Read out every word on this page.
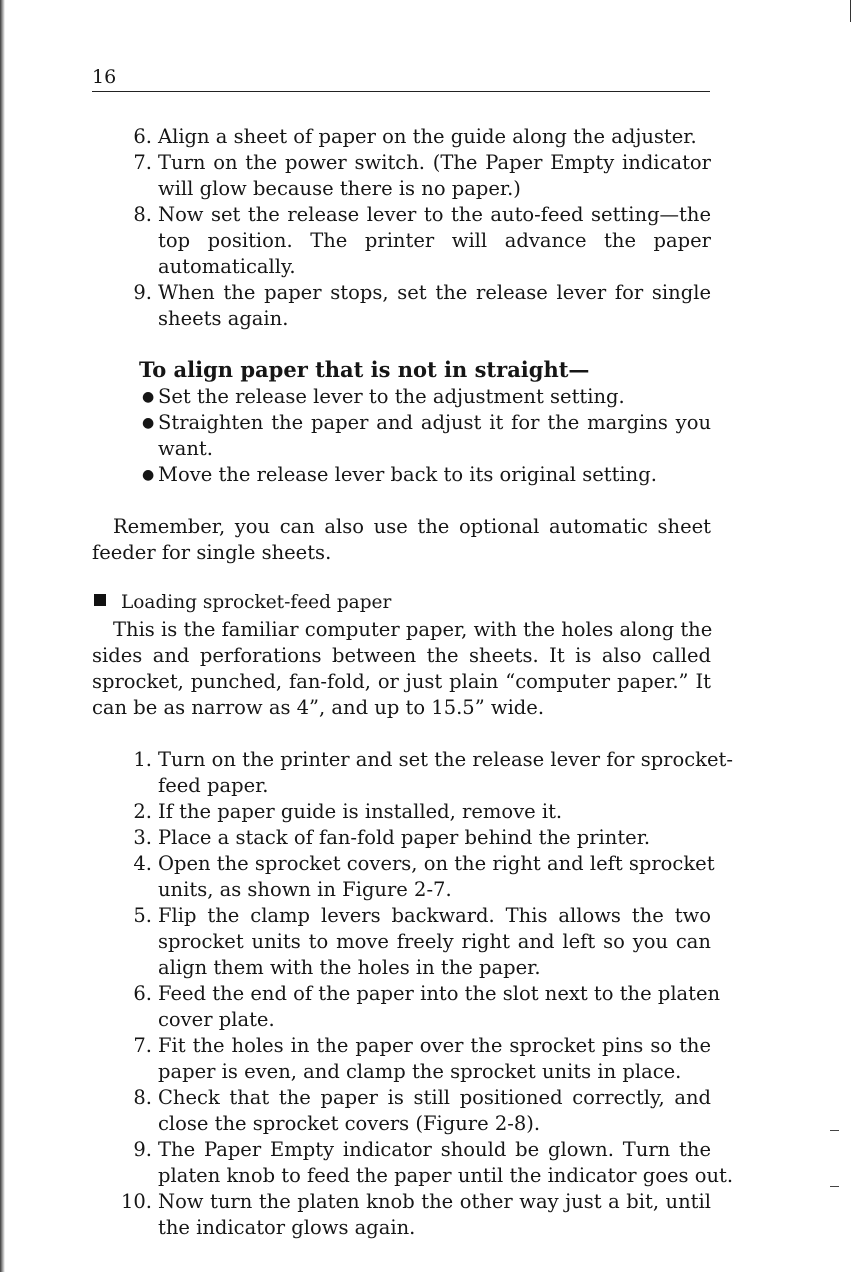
16
6. Align a sheet of paper on the guide along the adjuster.
7. Turn on the power switch. (The Paper Empty indicator
will glow because there is no paper.)
8. Now set the release lever to the auto-feed setting—the
top position. The printer will advance the paper
automatically.
9. When the paper stops, set the release lever for single
sheets again.
To align paper that is not in straight—
● Set the release lever to the adjustment setting.
● Straighten the paper and adjust it for the margins you
want.
● Move the release lever back to its original setting.
Remember, you can also use the optional automatic sheet
feeder for single sheets.
Loading sprocket-feed paper
This is the familiar computer paper, with the holes along the
sides and perforations between the sheets. It is also called
sprocket, punched, fan-fold, or just plain “computer paper.” It
can be as narrow as 4”, and up to 15.5” wide.
1. Turn on the printer and set the release lever for sprocket-
feed paper.
2. If the paper guide is installed, remove it.
3. Place a stack of fan-fold paper behind the printer.
4. Open the sprocket covers, on the right and left sprocket
units, as shown in Figure 2-7.
5. Flip the clamp levers backward. This allows the two
sprocket units to move freely right and left so you can
align them with the holes in the paper.
6. Feed the end of the paper into the slot next to the platen
cover plate.
7. Fit the holes in the paper over the sprocket pins so the
paper is even, and clamp the sprocket units in place.
8. Check that the paper is still positioned correctly, and
close the sprocket covers (Figure 2-8).
9. The Paper Empty indicator should be glown. Turn the
platen knob to feed the paper until the indicator goes out.
10. Now turn the platen knob the other way just a bit, until
the indicator glows again.
